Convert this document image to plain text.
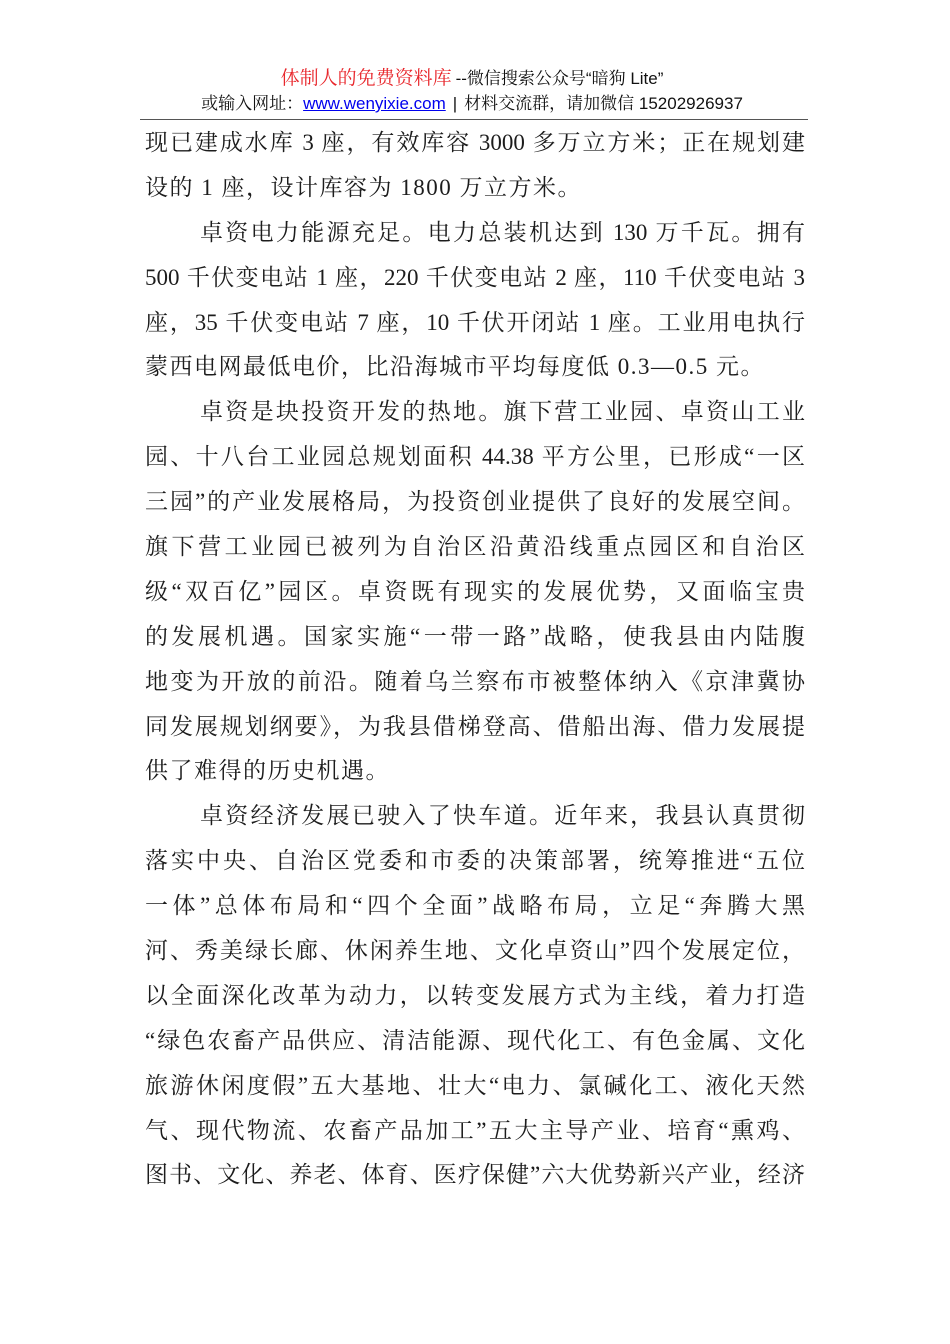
体制人的免费资料库 --微信搜索公众号“暗狗 Lite”
或输入网址：www.wenyixie.com | 材料交流群，请加微信 15202926937
现已建成水库 3 座，有效库容 3000 多万立方米；正在规划建
设的 1 座，设计库容为 1800 万立方米。
卓资电力能源充足。电力总装机达到 130 万千瓦。拥有
500 千伏变电站 1 座，220 千伏变电站 2 座，110 千伏变电站 3
座，35 千伏变电站 7 座，10 千伏开闭站 1 座。工业用电执行
蒙西电网最低电价，比沿海城市平均每度低 0.3—0.5 元。
卓资是块投资开发的热地。旗下营工业园、卓资山工业
园、十八台工业园总规划面积 44.38 平方公里，已形成“一区
三园”的产业发展格局，为投资创业提供了良好的发展空间。
旗下营工业园已被列为自治区沿黄沿线重点园区和自治区
级“双百亿”园区。卓资既有现实的发展优势，又面临宝贵
的发展机遇。国家实施“一带一路”战略，使我县由内陆腹
地变为开放的前沿。随着乌兰察布市被整体纳入《京津冀协
同发展规划纲要》，为我县借梯登高、借船出海、借力发展提
供了难得的历史机遇。
卓资经济发展已驶入了快车道。近年来，我县认真贯彻
落实中央、自治区党委和市委的决策部署，统筹推进“五位
一体”总体布局和“四个全面”战略布局，立足“奔腾大黑
河、秀美绿长廊、休闲养生地、文化卓资山”四个发展定位，
以全面深化改革为动力，以转变发展方式为主线，着力打造
“绿色农畜产品供应、清洁能源、现代化工、有色金属、文化
旅游休闲度假”五大基地、壮大“电力、氯碱化工、液化天然
气、现代物流、农畜产品加工”五大主导产业、培育“熏鸡、
图书、文化、养老、体育、医疗保健”六大优势新兴产业，经济
